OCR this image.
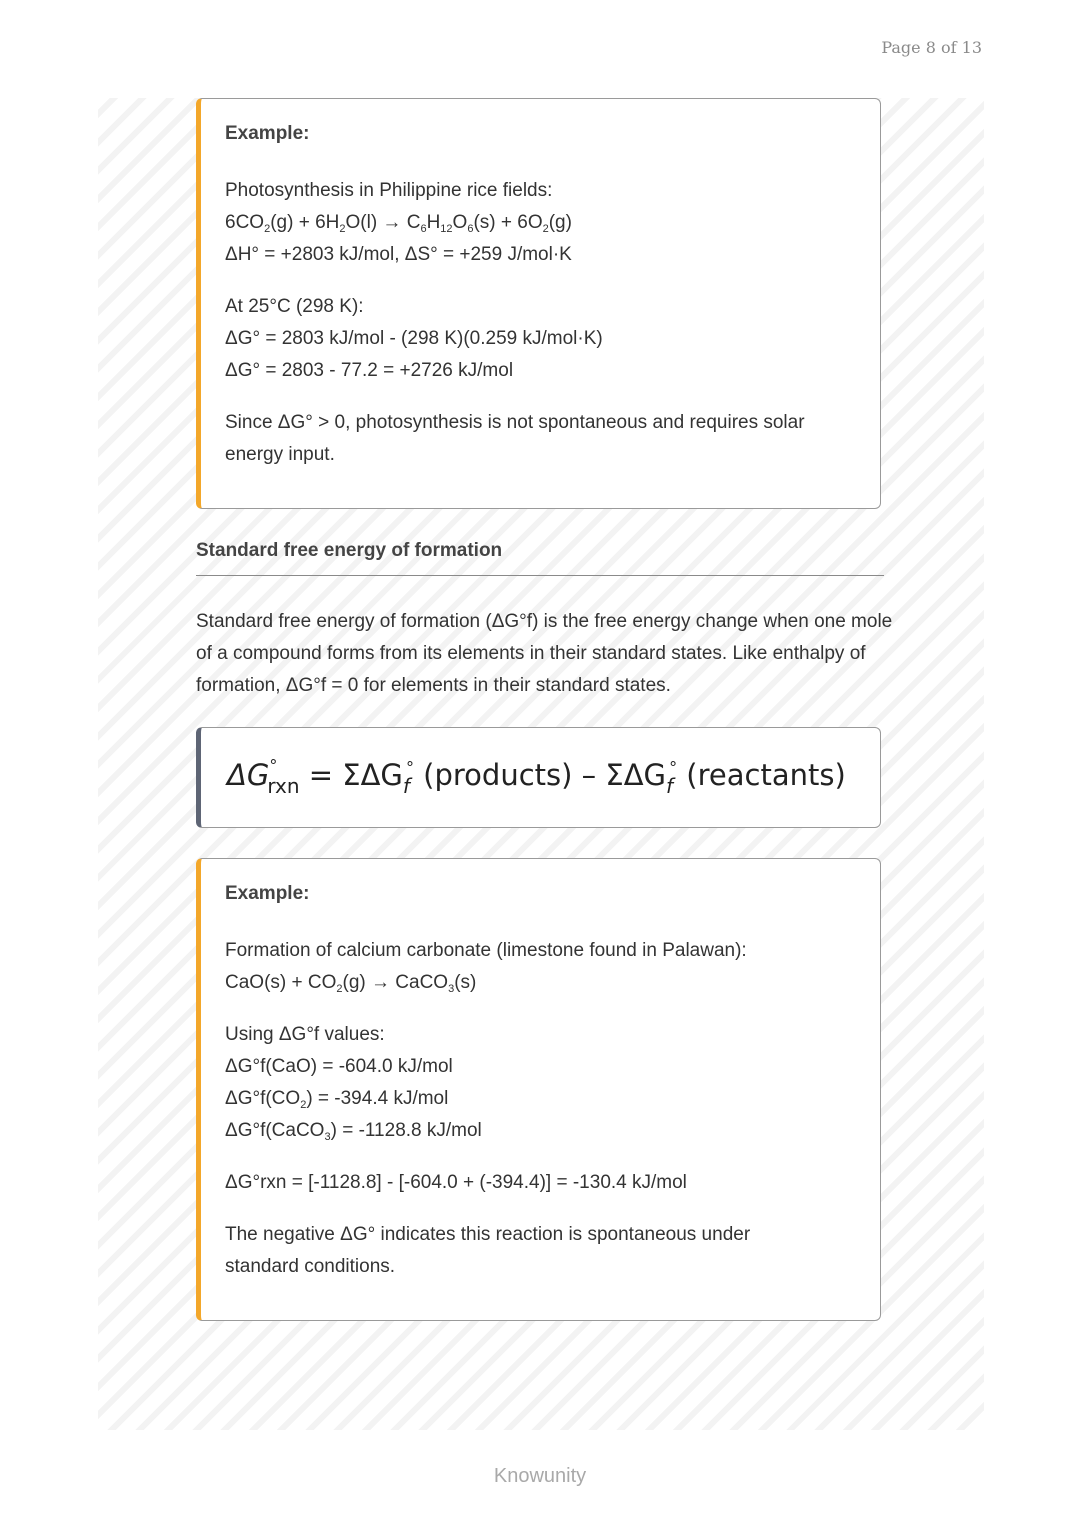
Page 8 of 13
Example:
Photosynthesis in Philippine rice fields:
$6CO_2(g) + 6H_2O(l) \to C_6H_{12}O_6(s) + 6O_2(g)$
ΔH° = +2803 kJ/mol, ΔS° = +259 J/mol·K
At 25°C (298 K):
ΔG° = 2803 kJ/mol - (298 K)(0.259 kJ/mol·K)
ΔG° = 2803 - 77.2 = +2726 kJ/mol
Since ΔG° > 0, photosynthesis is not spontaneous and requires solar energy input.
Standard free energy of formation
Standard free energy of formation (ΔG°f) is the free energy change when one mole of a compound forms from its elements in their standard states. Like enthalpy of formation, ΔG°f = 0 for elements in their standard states.
$\Delta G^\circ_{rxn} = \Sigma\Delta G_f^\circ$ (products) – $\Sigma\Delta G_f^\circ$ (reactants)
Example:
Formation of calcium carbonate (limestone found in Palawan):
$CaO(s) + CO_2(g)$ → CaCO$_3$(s)
Using ΔG°f values:
ΔG°f(CaO) = -604.0 kJ/mol
$\Delta G^\circ f(CO_2) = -394.4$ kJ/mol
ΔG°f(CaCO$_3$) = -1128.8 kJ/mol
ΔG°rxn = [-1128.8] - [-604.0 + (-394.4)] = -130.4 kJ/mol
The negative ΔG° indicates this reaction is spontaneous under standard conditions.
Knowunity
